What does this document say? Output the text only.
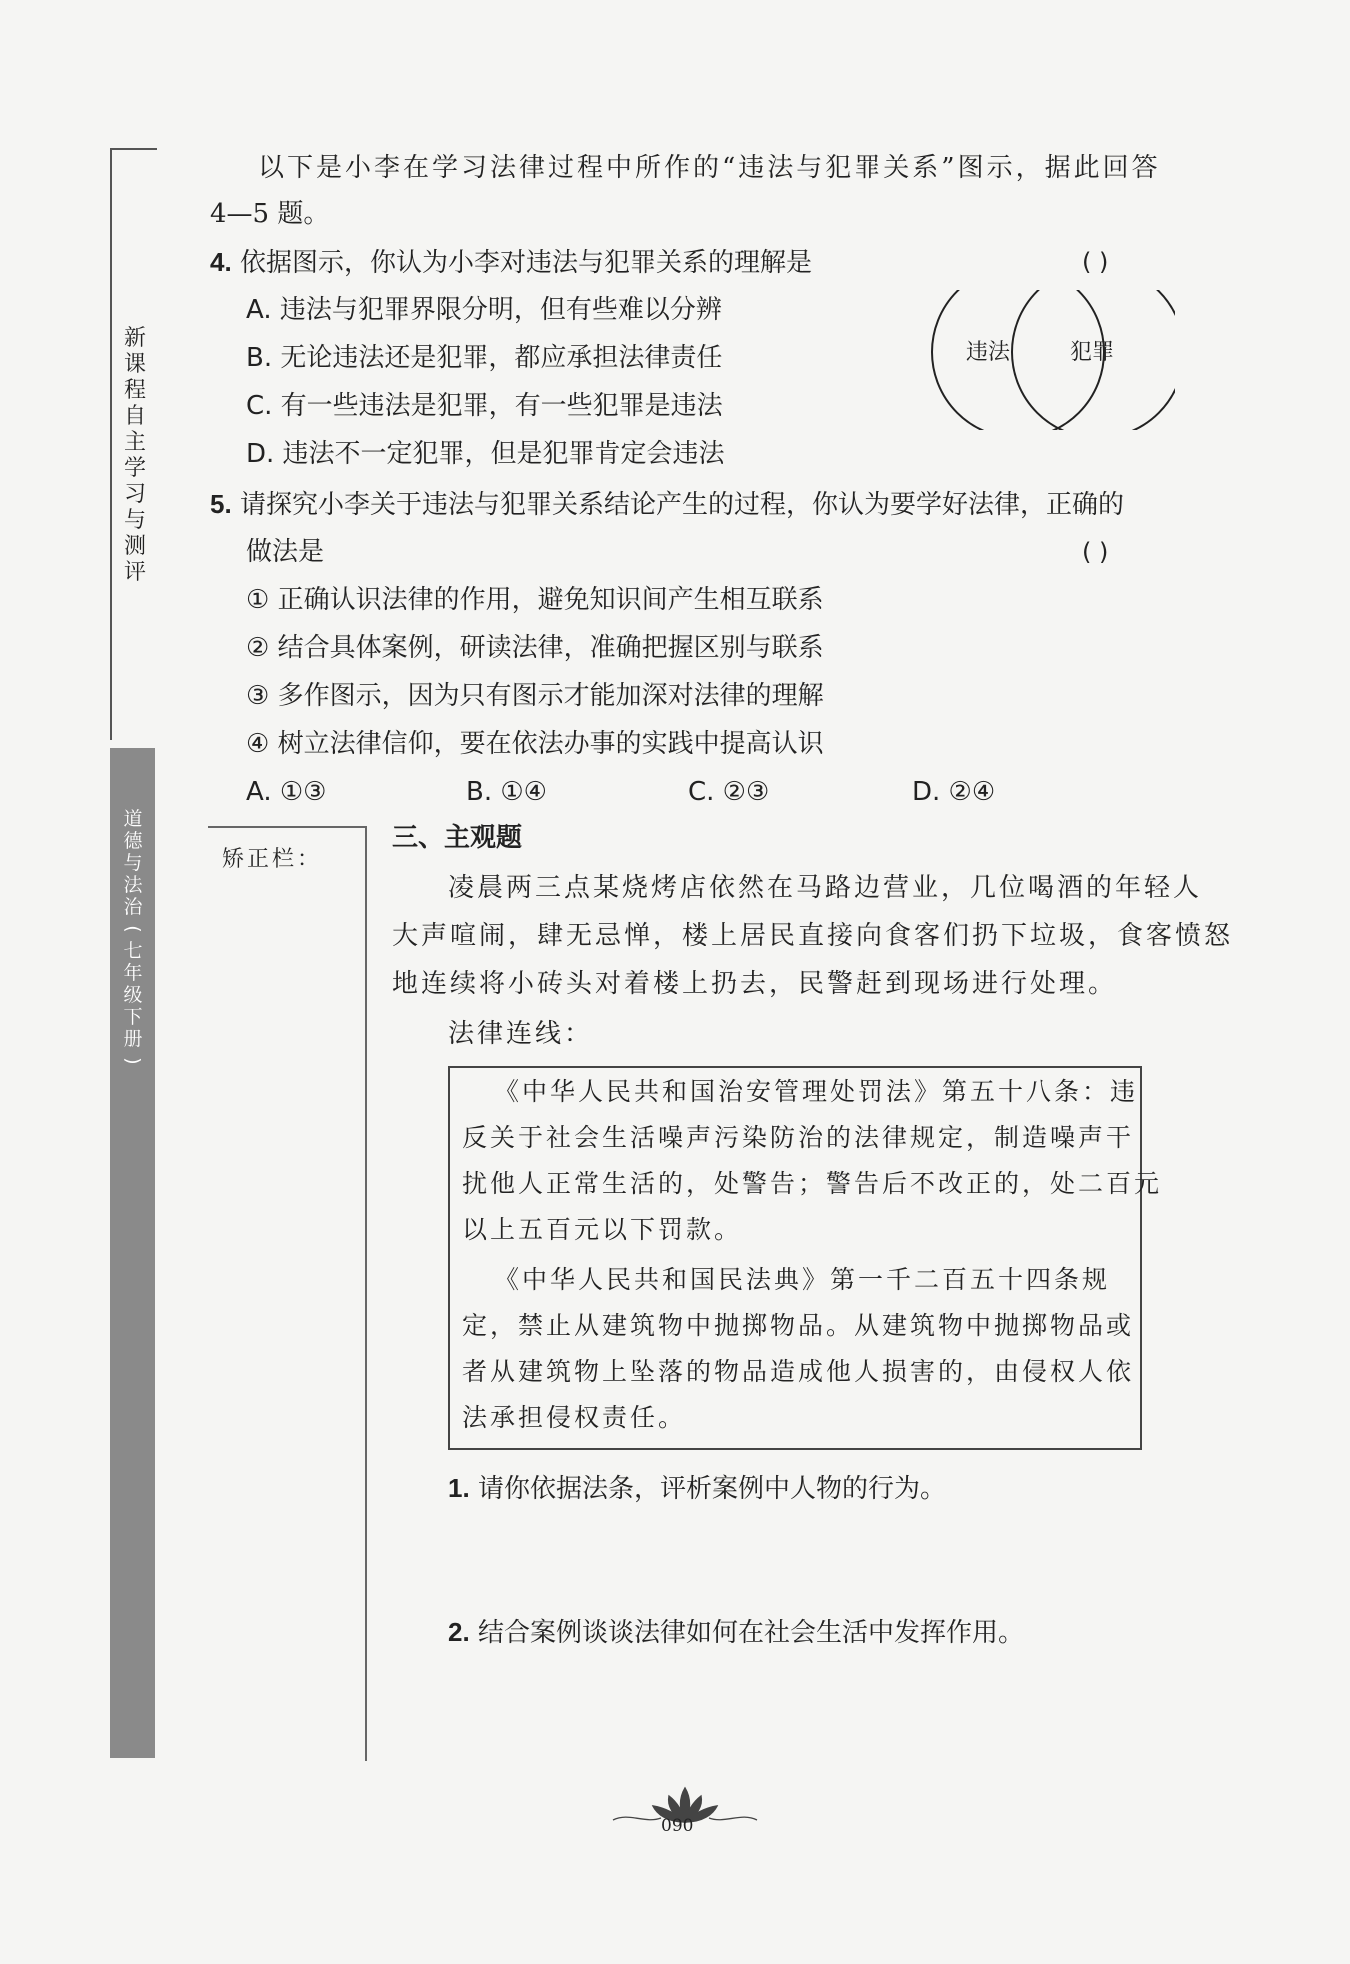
新课程自主学习与测评
道德与法治
(
七年级下册
)
以下是小李在学习法律过程中所作的“违法与犯罪关系”图示，据此回答
4—5 题。
4. 依据图示，你认为小李对违法与犯罪关系的理解是	( )
A. 违法与犯罪界限分明，但有些难以分辨
B. 无论违法还是犯罪，都应承担法律责任
C. 有一些违法是犯罪，有一些犯罪是违法
D. 违法不一定犯罪，但是犯罪肯定会违法
违法	犯罪
5. 请探究小李关于违法与犯罪关系结论产生的过程，你认为要学好法律，正确的
做法是	( )
① 正确认识法律的作用，避免知识间产生相互联系
② 结合具体案例，研读法律，准确把握区别与联系
③ 多作图示，因为只有图示才能加深对法律的理解
④ 树立法律信仰，要在依法办事的实践中提高认识
A. ①③	B. ①④	C. ②③	D. ②④
矫正栏：
三、主观题
凌晨两三点某烧烤店依然在马路边营业，几位喝酒的年轻人
大声喧闹，肆无忌惮，楼上居民直接向食客们扔下垃圾，食客愤怒
地连续将小砖头对着楼上扔去，民警赶到现场进行处理。
法律连线：
《中华人民共和国治安管理处罚法》第五十八条：违
反关于社会生活噪声污染防治的法律规定，制造噪声干
扰他人正常生活的，处警告；警告后不改正的，处二百元
以上五百元以下罚款。
《中华人民共和国民法典》第一千二百五十四条规
定，禁止从建筑物中抛掷物品。从建筑物中抛掷物品或
者从建筑物上坠落的物品造成他人损害的，由侵权人依
法承担侵权责任。
1. 请你依据法条，评析案例中人物的行为。
2. 结合案例谈谈法律如何在社会生活中发挥作用。
090
